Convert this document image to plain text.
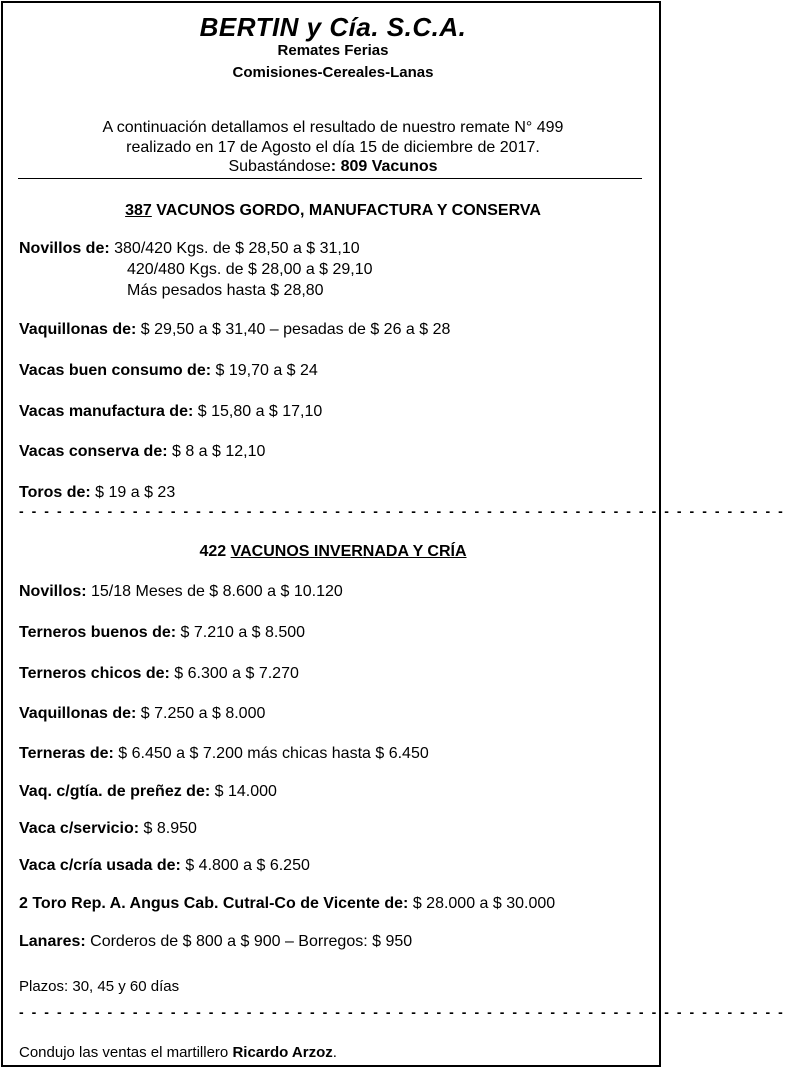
BERTIN y Cía. S.C.A.
Remates Ferias
Comisiones-Cereales-Lanas
A continuación detallamos el resultado de nuestro remate N° 499
realizado en 17 de Agosto el día 15 de diciembre de 2017.
Subastándose: 809 Vacunos
387 VACUNOS GORDO, MANUFACTURA Y CONSERVA
Novillos de: 380/420 Kgs. de $ 28,50 a $ 31,10
420/480 Kgs. de $ 28,00 a $ 29,10
Más pesados hasta $ 28,80
Vaquillonas de: $ 29,50 a $ 31,40 – pesadas de $ 26 a $ 28
Vacas buen consumo de: $ 19,70 a $ 24
Vacas manufactura de: $ 15,80 a $ 17,10
Vacas conserva de: $ 8 a $ 12,10
Toros de: $ 19 a $ 23
- - - - - - - - - - - - - - - - - - - - - - - - - - - - - - - - - - - - - - - - - - - - - - - - - - - - - - - - - - - - -
422 VACUNOS INVERNADA Y CRÍA
Novillos: 15/18 Meses de $ 8.600 a $ 10.120
Terneros buenos de: $ 7.210 a $ 8.500
Terneros chicos de: $ 6.300 a $ 7.270
Vaquillonas de: $ 7.250 a $ 8.000
Terneras de: $ 6.450 a $ 7.200 más chicas hasta $ 6.450
Vaq. c/gtía. de preñez de: $ 14.000
Vaca c/servicio: $ 8.950
Vaca c/cría usada de: $ 4.800 a $ 6.250
2 Toro Rep. A. Angus Cab. Cutral-Co de Vicente de: $ 28.000 a $ 30.000
Lanares: Corderos de $ 800 a $ 900 – Borregos: $ 950
Plazos: 30, 45 y 60 días
- - - - - - - - - - - - - - - - - - - - - - - - - - - - - - - - - - - - - - - - - - - - - - - - - - - - - - - - - - - - -
Condujo las ventas el martillero Ricardo Arzoz.
